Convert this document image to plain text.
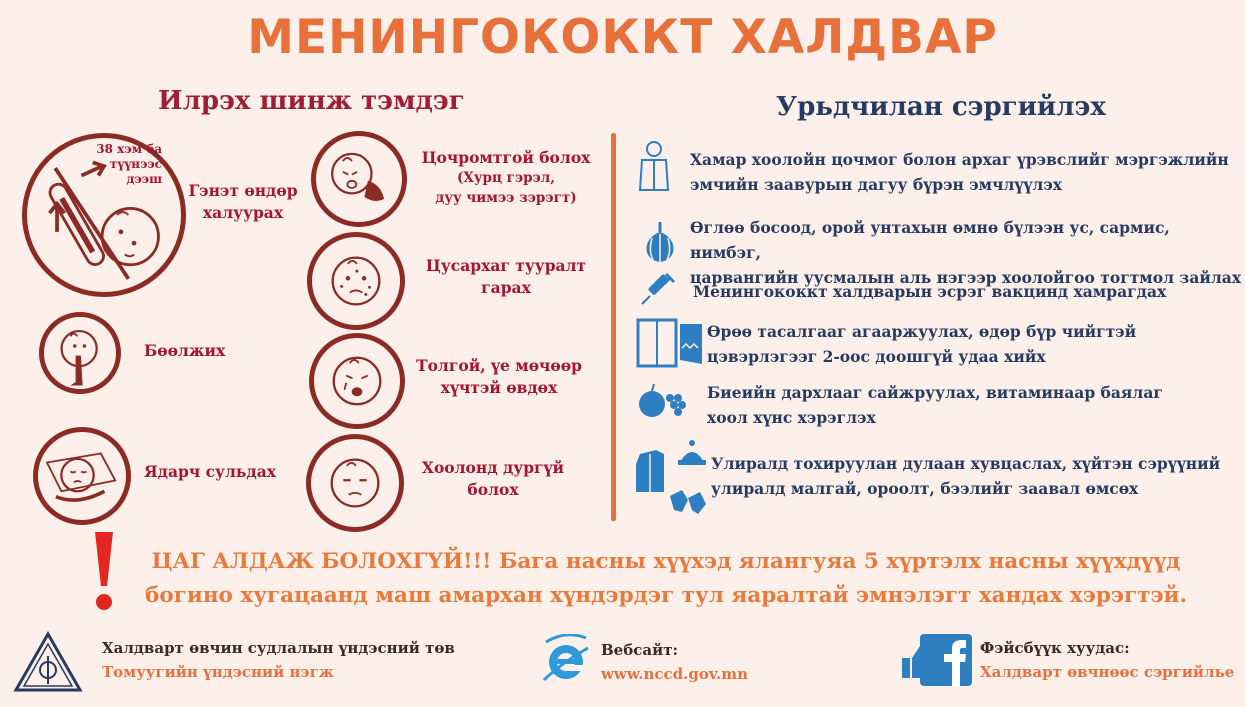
МЕНИНГОКОККТ ХАЛДВАР
Илрэх шинж тэмдэг	Урьдчилан сэргийлэх
38 хэм ба
түүнээс
дээш
Гэнэт өндөр
халуурах
Бөөлжих
Ядарч сульдах
Цочромтгой болох
(Хурц гэрэл,
дуу чимээ зэрэгт)
Цусархаг тууралт
гарах
Толгой, үе мөчөөр
хүчтэй өвдөх
Хоолонд дургүй
болох
Хамар хоолойн цочмог болон архаг үрэвслийг мэргэжлийн
эмчийн заавурын дагуу бүрэн эмчлүүлэх
Өглөө босоод, орой унтахын өмнө бүлээн ус, сармис, нимбэг,
царвангийн уусмалын аль нэгээр хоолойгоо тогтмол зайлах
Менингококкт халдварын эсрэг вакцинд хамрагдах
Өрөө тасалгааг агааржуулах, өдөр бүр чийгтэй
цэвэрлэгээг 2-оос доошгүй удаа хийх
Биеийн дархлааг сайжруулах, витаминаар баялаг
хоол хүнс хэрэглэх
Улиралд тохируулан дулаан хувцаслах, хүйтэн сэрүүний
улиралд малгай, ороолт, бээлийг заавал өмсөх
ЦАГ АЛДАЖ БОЛОХГҮЙ!!! Бага насны хүүхэд ялангуяа 5 хүртэлх насны хүүхдүүд
богино хугацаанд маш амархан хүндэрдэг тул яаралтай эмнэлэгт хандах хэрэгтэй.
Халдварт өвчин судлалын үндэсний төв
Томуугийн үндэсний нэгж
Вебсайт:
www.nccd.gov.mn
Фэйсбүүк хуудас:
Халдварт өвчнөөс сэргийлье
